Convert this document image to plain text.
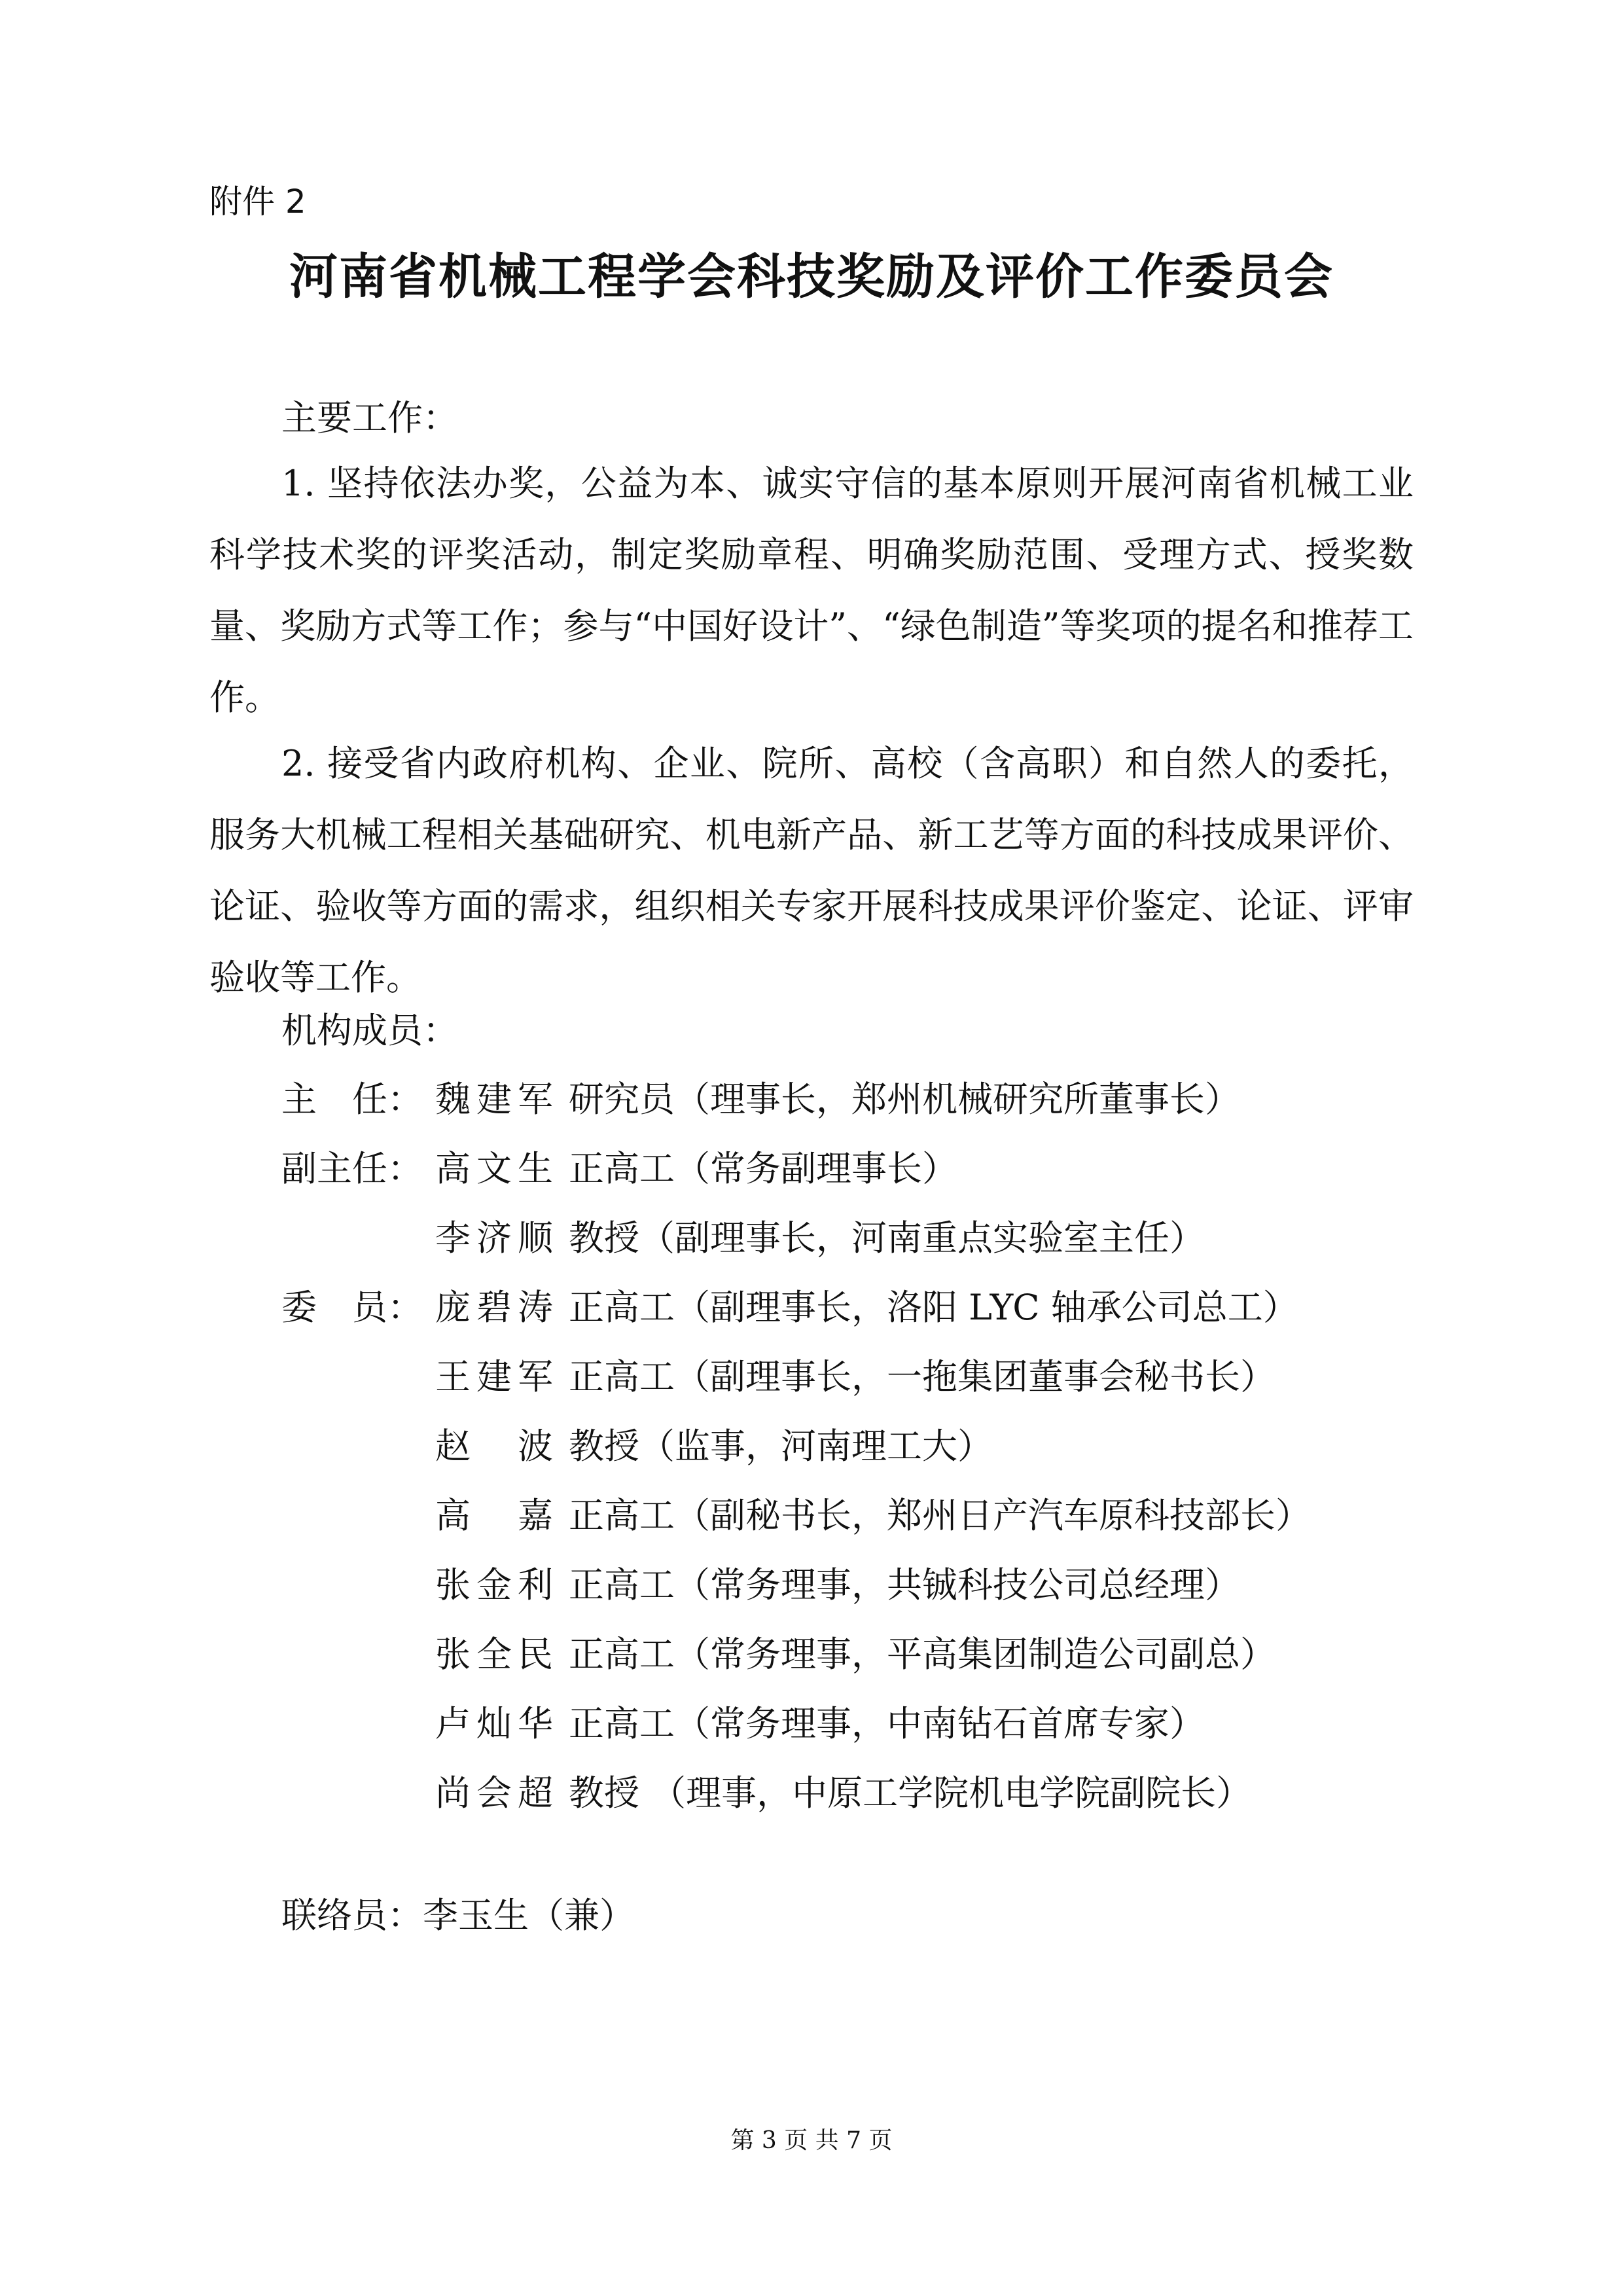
附件 2
河南省机械工程学会科技奖励及评价工作委员会
主要工作：
1. 坚持依法办奖，公益为本、诚实守信的基本原则开展河南省机械工业科学技术奖的评奖活动，制定奖励章程、明确奖励范围、受理方式、授奖数量、奖励方式等工作；参与“中国好设计”、“绿色制造”等奖项的提名和推荐工作。
2. 接受省内政府机构、企业、院所、高校（含高职）和自然人的委托，服务大机械工程相关基础研究、机电新产品、新工艺等方面的科技成果评价、论证、验收等方面的需求，组织相关专家开展科技成果评价鉴定、论证、评审验收等工作。
机构成员：
主　任： 魏建军 研究员（理事长，郑州机械研究所董事长）
副主任： 高文生 正高工（常务副理事长）
李济顺 教授（副理事长，河南重点实验室主任）
委　员： 庞碧涛 正高工（副理事长，洛阳 LYC 轴承公司总工）
王建军 正高工（副理事长，一拖集团董事会秘书长）
赵　波 教授（监事，河南理工大）
高　嘉 正高工（副秘书长，郑州日产汽车原科技部长）
张金利 正高工（常务理事，共铖科技公司总经理）
张全民 正高工（常务理事，平高集团制造公司副总）
卢灿华 正高工（常务理事，中南钻石首席专家）
尚会超 教授 （理事，中原工学院机电学院副院长）
联络员：李玉生（兼）
第 3 页 共 7 页
